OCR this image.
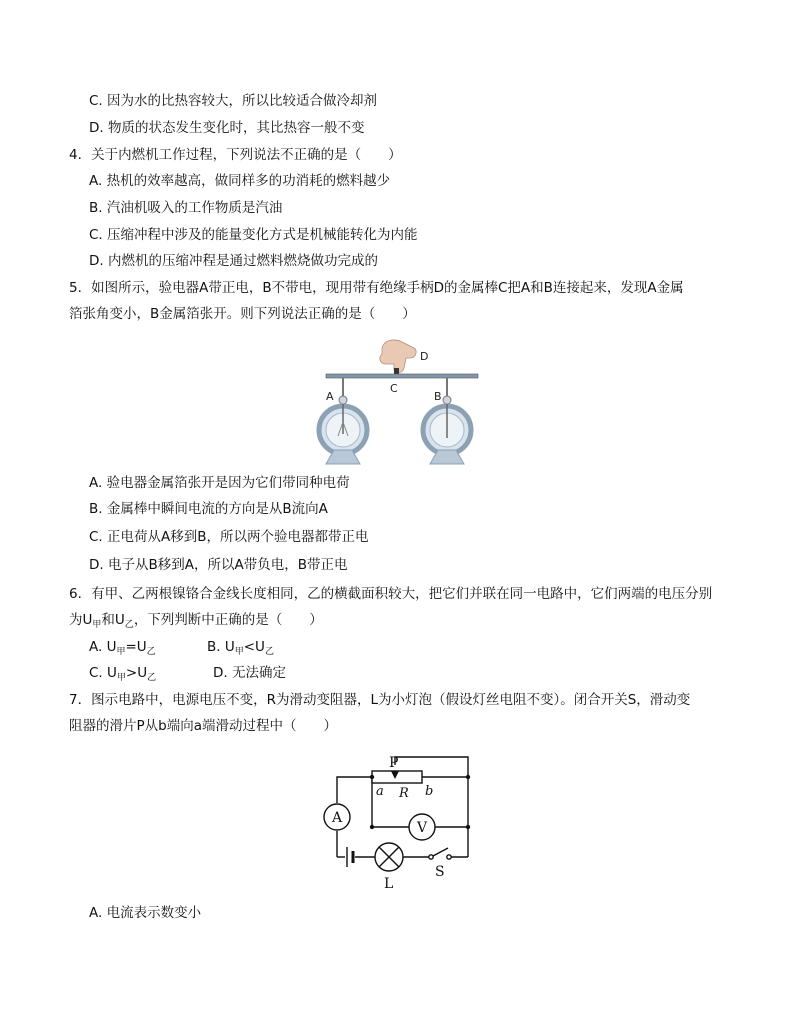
C. 因为水的比热容较大，所以比较适合做冷却剂
D. 物质的状态发生变化时，其比热容一般不变
4．关于内燃机工作过程，下列说法不正确的是（　　）
A. 热机的效率越高，做同样多的功消耗的燃料越少
B. 汽油机吸入的工作物质是汽油
C. 压缩冲程中涉及的能量变化方式是机械能转化为内能
D. 内燃机的压缩冲程是通过燃料燃烧做功完成的
5．如图所示，验电器A带正电，B不带电，现用带有绝缘手柄D的金属棒C把A和B连接起来，发现A金属
箔张角变小，B金属箔张开。则下列说法正确的是（　　）
D
C
A	B
A. 验电器金属箔张开是因为它们带同种电荷
B. 金属棒中瞬间电流的方向是从B流向A
C. 正电荷从A移到B，所以两个验电器都带正电
D. 电子从B移到A，所以A带负电，B带正电
6．有甲、乙两根镍铬合金线长度相同，乙的横截面积较大，把它们并联在同一电路中，它们两端的电压分别
为$U_甲$和$U_乙$，下列判断中正确的是（　　）
A. $U_甲=U_乙$	B. $U_甲<U_乙$
C. $U_甲>U_乙$	D. 无法确定
7．图示电路中，电源电压不变，R为滑动变阻器，L为小灯泡（假设灯丝电阻不变）。闭合开关S，滑动变
阻器的滑片P从b端向a端滑动过程中（　　）
P
a R b
A
V
L
S
A. 电流表示数变小
